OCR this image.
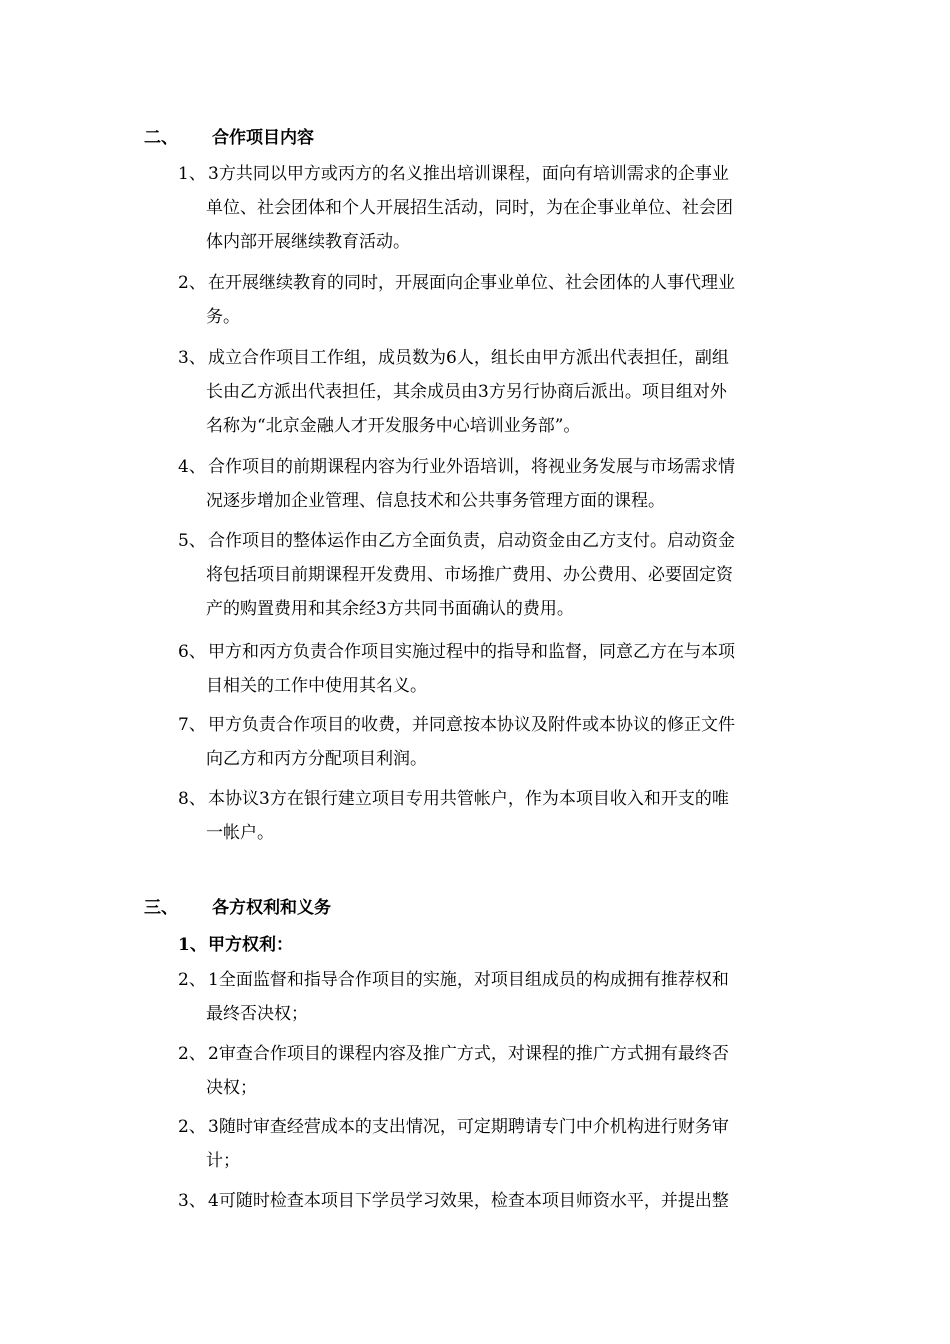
二、 合作项目内容
1、 3方共同以甲方或丙方的名义推出培训课程，面向有培训需求的企事业
单位、社会团体和个人开展招生活动，同时，为在企事业单位、社会团
体内部开展继续教育活动。
2、 在开展继续教育的同时，开展面向企事业单位、社会团体的人事代理业
务。
3、 成立合作项目工作组，成员数为6人，组长由甲方派出代表担任，副组
长由乙方派出代表担任，其余成员由3方另行协商后派出。项目组对外
名称为“北京金融人才开发服务中心培训业务部”。
4、 合作项目的前期课程内容为行业外语培训，将视业务发展与市场需求情
况逐步增加企业管理、信息技术和公共事务管理方面的课程。
5、 合作项目的整体运作由乙方全面负责，启动资金由乙方支付。启动资金
将包括项目前期课程开发费用、市场推广费用、办公费用、必要固定资
产的购置费用和其余经3方共同书面确认的费用。
6、 甲方和丙方负责合作项目实施过程中的指导和监督，同意乙方在与本项
目相关的工作中使用其名义。
7、 甲方负责合作项目的收费，并同意按本协议及附件或本协议的修正文件
向乙方和丙方分配项目利润。
8、 本协议3方在银行建立项目专用共管帐户，作为本项目收入和开支的唯
一帐户。
三、 各方权利和义务
1、 甲方权利：
2、 1全面监督和指导合作项目的实施，对项目组成员的构成拥有推荐权和
最终否决权；
2、 2审查合作项目的课程内容及推广方式，对课程的推广方式拥有最终否
决权；
2、 3随时审查经营成本的支出情况，可定期聘请专门中介机构进行财务审
计；
3、 4可随时检查本项目下学员学习效果，检查本项目师资水平，并提出整
